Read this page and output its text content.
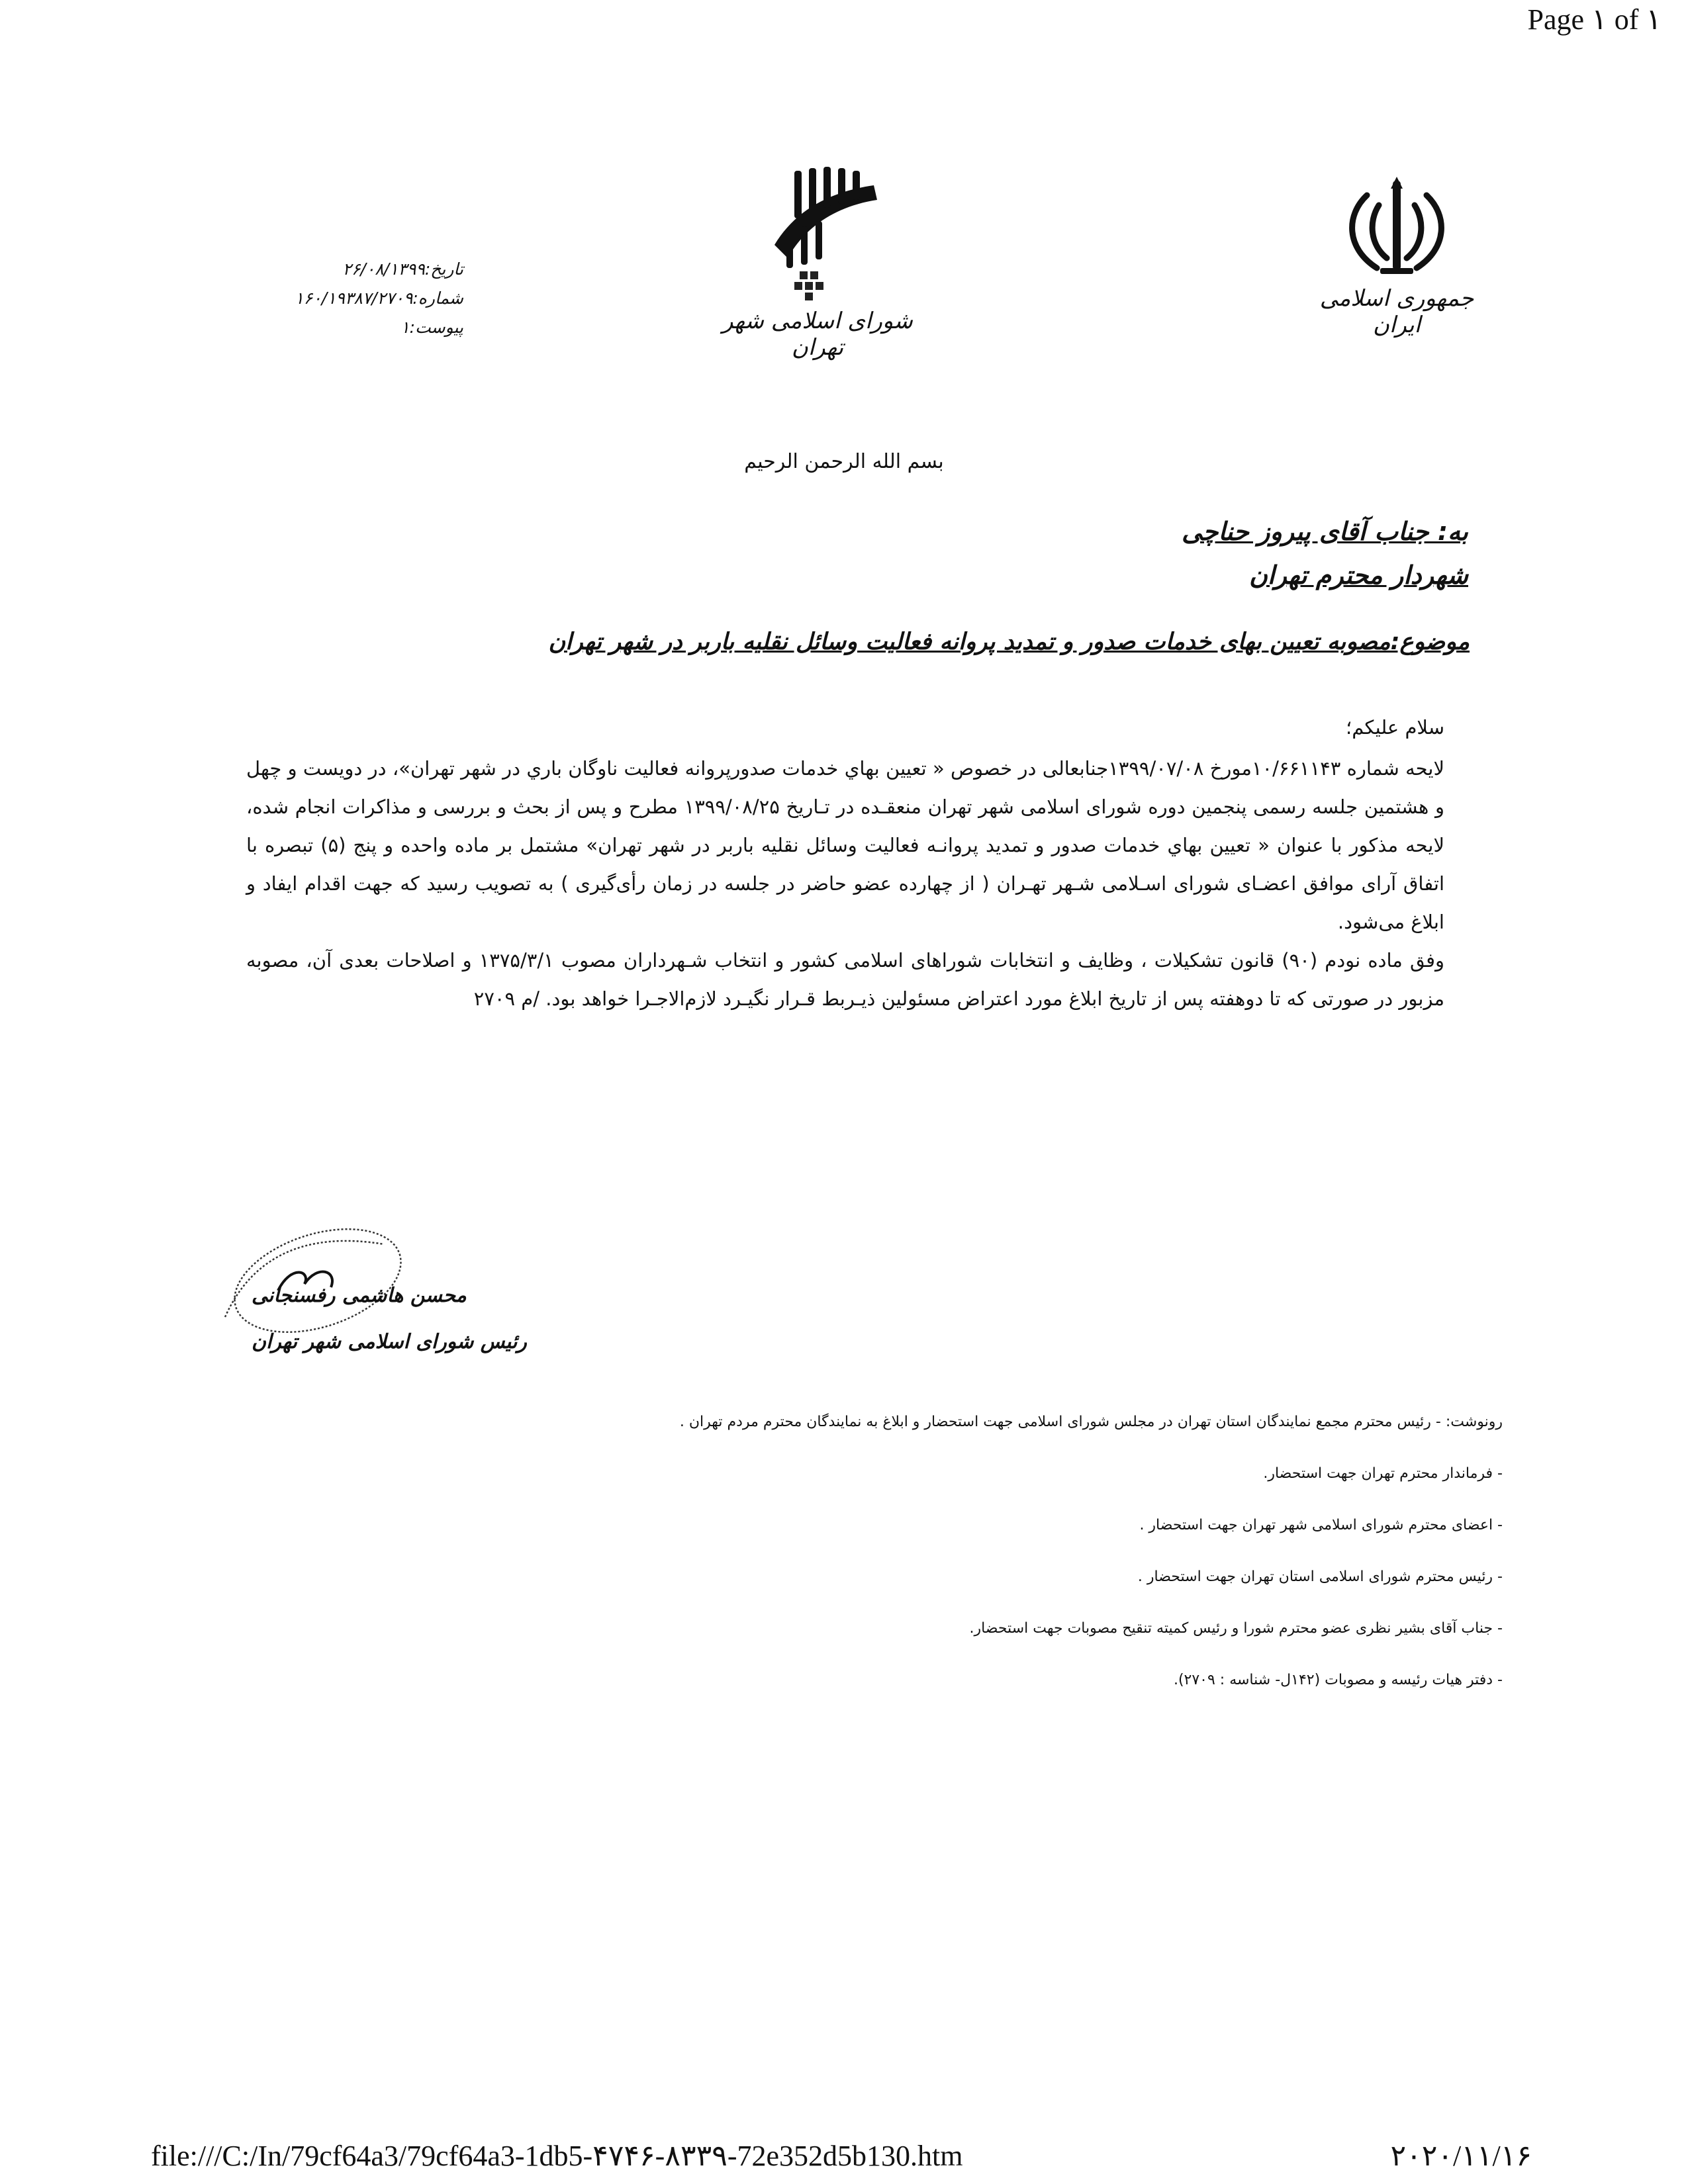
Page ١ of ١
جمهوری اسلامی ایران
شورای اسلامی شهر تهران
تاریخ:۲۶/۰۸/۱۳۹۹
شماره:۱۶۰/۱۹۳۸۷/۲۷۰۹
پیوست:۱
بسم الله الرحمن الرحیم
به: جناب آقای پیروز حناچی
شهردار محترم تهران
موضوع:مصوبه تعیین بهای خدمات صدور و تمدید پروانه فعالیت وسائل نقلیه باربر در شهر تهران

سلام علیکم؛

لایحه شماره ۱۰/۶۶۱۱۴۳مورخ ۱۳۹۹/۰۷/۰۸جنابعالی در خصوص « تعیین بهاي خدمات صدورپروانه فعالیت ناوگان باري در شهر تهران»، در دویست و چهل و هشتمین جلسه رسمی پنجمین دوره شورای اسلامی شهر تهران منعقـده در تـاریخ ۱۳۹۹/۰۸/۲۵ مطرح و پس از بحث و بررسی و مذاکرات انجام شده، لایحه مذکور با عنوان « تعیین بهاي خدمات صدور و تمدید پروانـه فعالیت وسائل نقلیه باربر در شهر تهران» مشتمل بر ماده واحده و پنج (۵) تبصره با اتفاق آرای موافق اعضـای شورای اسـلامی شـهر تهـران ( از چهارده عضو حاضر در جلسه در زمان رأی‌گیری ) به تصویب رسید که جهت اقدام ایفاد و ابلاغ می‌شود.

وفق ماده نودم (۹۰) قانون تشکیلات ، وظایف و انتخابات شوراهای اسلامی کشور و انتخاب شـهرداران مصوب ۱۳۷۵/۳/۱ و اصلاحات بعدی آن، مصوبه مزبور در صورتی که تا دوهفته پس از تاریخ ابلاغ مورد اعتراض مسئولین ذیـربط قـرار نگیـرد لازم‌الاجـرا خواهد بود. /م ۲۷۰۹

محسن هاشمی رفسنجانی
رئیس شورای اسلامی شهر تهران
رونوشت: - رئیس محترم مجمع نمایندگان استان تهران در مجلس شورای اسلامی جهت استحضار و ابلاغ به نمایندگان محترم مردم تهران .
- فرماندار محترم تهران جهت استحضار.
- اعضای محترم شورای اسلامی شهر تهران جهت استحضار .
- رئیس محترم شورای اسلامی استان تهران جهت استحضار .
- جناب آقای بشیر نظری عضو محترم شورا و رئیس کمیته تنقیح مصوبات جهت استحضار.
- دفتر هیات رئیسه و مصوبات (۱۴۲ل- شناسه : ۲۷۰۹).
file:///C:/In/79cf64a3/79cf64a3-1db5-۴۷۴۶-۸۳۳۹-72e352d5b130.htm	۲۰۲۰/۱۱/۱۶
